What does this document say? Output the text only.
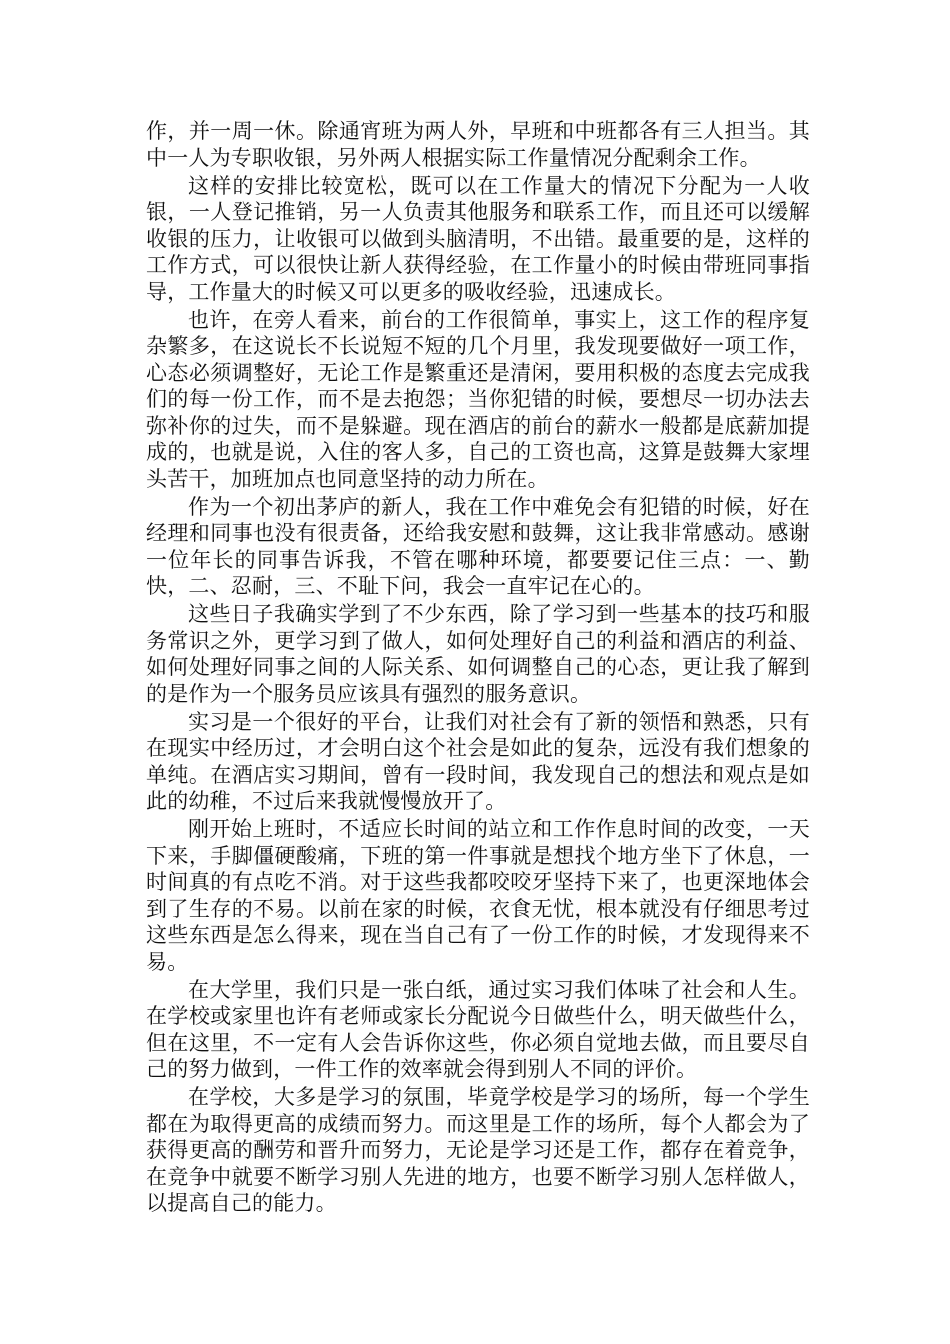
作，并一周一休。除通宵班为两人外，早班和中班都各有三人担当。其中一人为专职收银，另外两人根据实际工作量情况分配剩余工作。

这样的安排比较宽松，既可以在工作量大的情况下分配为一人收银，一人登记推销，另一人负责其他服务和联系工作，而且还可以缓解收银的压力，让收银可以做到头脑清明，不出错。最重要的是，这样的工作方式，可以很快让新人获得经验，在工作量小的时候由带班同事指导，工作量大的时候又可以更多的吸收经验，迅速成长。

也许，在旁人看来，前台的工作很简单，事实上，这工作的程序复杂繁多，在这说长不长说短不短的几个月里，我发现要做好一项工作，心态必须调整好，无论工作是繁重还是清闲，要用积极的态度去完成我们的每一份工作，而不是去抱怨；当你犯错的时候，要想尽一切办法去弥补你的过失，而不是躲避。现在酒店的前台的薪水一般都是底薪加提成的，也就是说，入住的客人多，自己的工资也高，这算是鼓舞大家埋头苦干，加班加点也同意坚持的动力所在。

作为一个初出茅庐的新人，我在工作中难免会有犯错的时候，好在经理和同事也没有很责备，还给我安慰和鼓舞，这让我非常感动。感谢一位年长的同事告诉我，不管在哪种环境，都要要记住三点：一、勤快，二、忍耐，三、不耻下问，我会一直牢记在心的。

这些日子我确实学到了不少东西，除了学习到一些基本的技巧和服务常识之外，更学习到了做人，如何处理好自己的利益和酒店的利益、如何处理好同事之间的人际关系、如何调整自己的心态，更让我了解到的是作为一个服务员应该具有强烈的服务意识。

实习是一个很好的平台，让我们对社会有了新的领悟和熟悉，只有在现实中经历过，才会明白这个社会是如此的复杂，远没有我们想象的单纯。在酒店实习期间，曾有一段时间，我发现自己的想法和观点是如此的幼稚，不过后来我就慢慢放开了。

刚开始上班时，不适应长时间的站立和工作作息时间的改变，一天下来，手脚僵硬酸痛，下班的第一件事就是想找个地方坐下了休息，一时间真的有点吃不消。对于这些我都咬咬牙坚持下来了，也更深地体会到了生存的不易。以前在家的时候，衣食无忧，根本就没有仔细思考过这些东西是怎么得来，现在当自己有了一份工作的时候，才发现得来不易。

在大学里，我们只是一张白纸，通过实习我们体味了社会和人生。在学校或家里也许有老师或家长分配说今日做些什么，明天做些什么，但在这里，不一定有人会告诉你这些，你必须自觉地去做，而且要尽自己的努力做到，一件工作的效率就会得到别人不同的评价。

在学校，大多是学习的氛围，毕竟学校是学习的场所，每一个学生都在为取得更高的成绩而努力。而这里是工作的场所，每个人都会为了获得更高的酬劳和晋升而努力，无论是学习还是工作，都存在着竞争，在竞争中就要不断学习别人先进的地方，也要不断学习别人怎样做人，以提高自己的能力。
